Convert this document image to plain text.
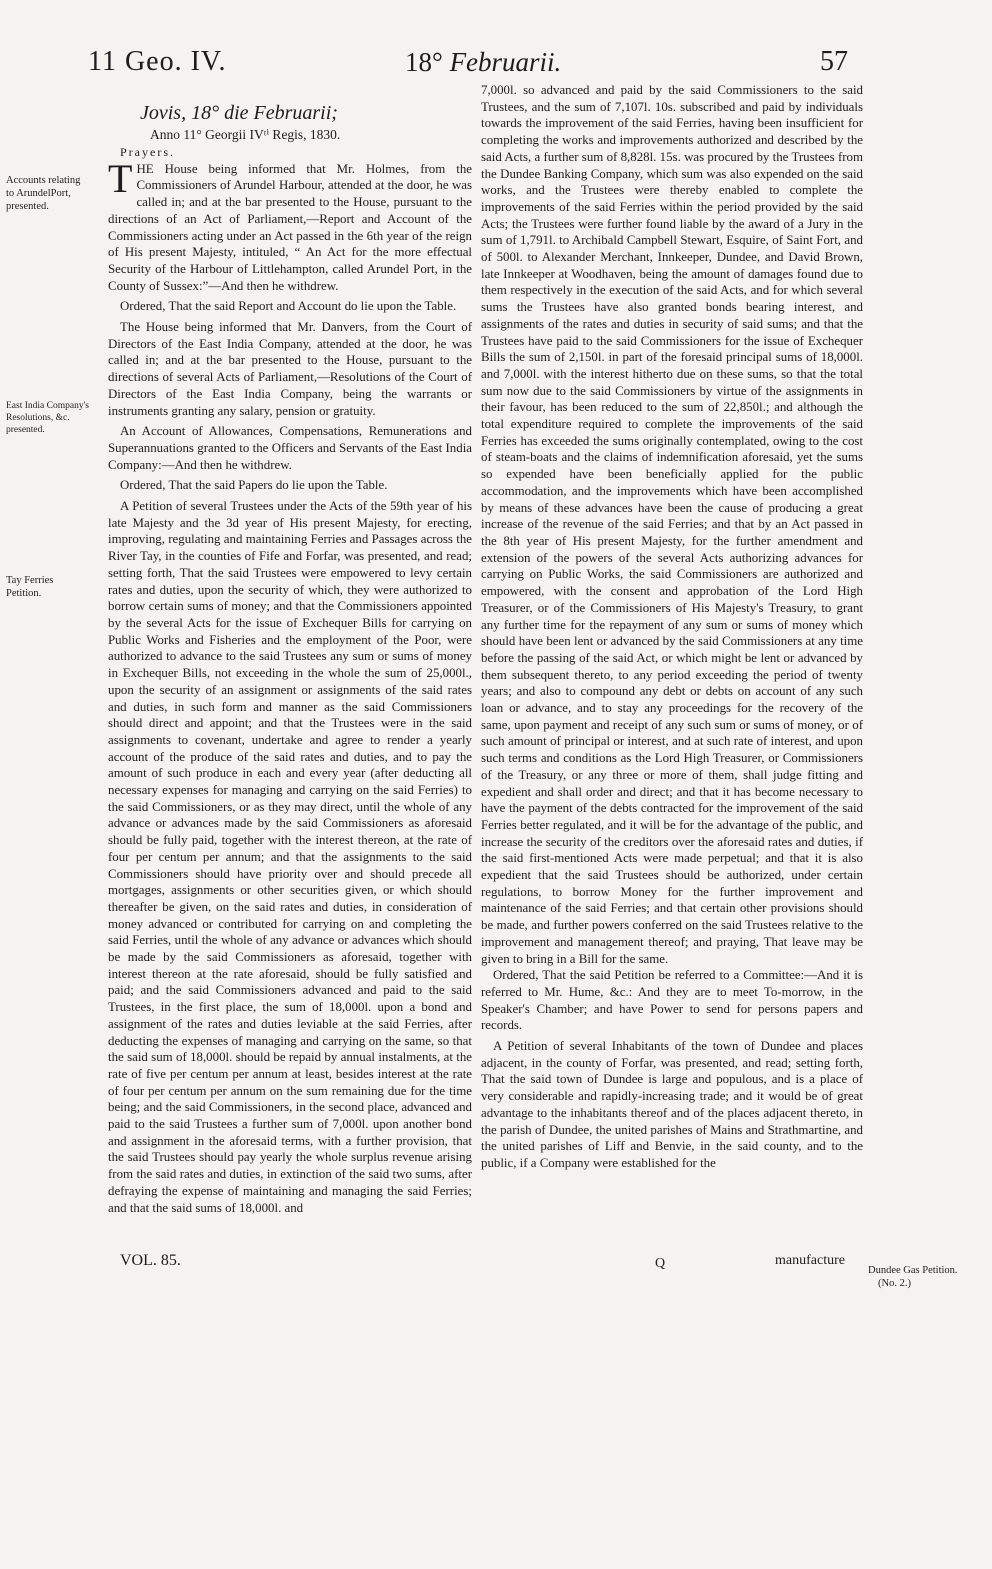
11 Geo. IV.	18° Februarii.	57
Accounts relating to ArundelPort, presented.
East India Company's Resolutions, &c. presented.
Tay Ferries Petition.
Dundee Gas Petition.
(No. 2.)
Jovis, 18° die Februarii;
Anno 11° Georgii IVᵗⁱ Regis, 1830.

Prayers.

THE House being informed that Mr. Holmes, from the Commissioners of Arundel Harbour, attended at the door, he was called in; and at the bar presented to the House, pursuant to the directions of an Act of Parliament,—Report and Account of the Commissioners acting under an Act passed in the 6th year of the reign of His present Majesty, intituled, “ An Act for the more effectual Security of the Harbour of Littlehampton, called Arundel Port, in the County of Sussex:”—And then he withdrew.

Ordered, That the said Report and Account do lie upon the Table.

The House being informed that Mr. Danvers, from the Court of Directors of the East India Company, attended at the door, he was called in; and at the bar presented to the House, pursuant to the directions of several Acts of Parliament,—Resolutions of the Court of Directors of the East India Company, being the warrants or instruments granting any salary, pension or gratuity.

An Account of Allowances, Compensations, Remunerations and Superannuations granted to the Officers and Servants of the East India Company:—And then he withdrew.

Ordered, That the said Papers do lie upon the Table.

A Petition of several Trustees under the Acts of the 59th year of his late Majesty and the 3d year of His present Majesty, for erecting, improving, regulating and maintaining Ferries and Passages across the River Tay, in the counties of Fife and Forfar, was presented, and read; setting forth, That the said Trustees were empowered to levy certain rates and duties, upon the security of which, they were authorized to borrow certain sums of money; and that the Commissioners appointed by the several Acts for the issue of Exchequer Bills for carrying on Public Works and Fisheries and the employment of the Poor, were authorized to advance to the said Trustees any sum or sums of money in Exchequer Bills, not exceeding in the whole the sum of 25,000l., upon the security of an assignment or assignments of the said rates and duties, in such form and manner as the said Commissioners should direct and appoint; and that the Trustees were in the said assignments to covenant, undertake and agree to render a yearly account of the produce of the said rates and duties, and to pay the amount of such produce in each and every year (after deducting all necessary expenses for managing and carrying on the said Ferries) to the said Commissioners, or as they may direct, until the whole of any advance or advances made by the said Commissioners as aforesaid should be fully paid, together with the interest thereon, at the rate of four per centum per annum; and that the assignments to the said Commissioners should have priority over and should precede all mortgages, assignments or other securities given, or which should thereafter be given, on the said rates and duties, in consideration of money advanced or contributed for carrying on and completing the said Ferries, until the whole of any advance or advances which should be made by the said Commissioners as aforesaid, together with interest thereon at the rate aforesaid, should be fully satisfied and paid; and the said Commissioners advanced and paid to the said Trustees, in the first place, the sum of 18,000l. upon a bond and assignment of the rates and duties leviable at the said Ferries, after deducting the expenses of managing and carrying on the same, so that the said sum of 18,000l. should be repaid by annual instalments, at the rate of five per centum per annum at least, besides interest at the rate of four per centum per annum on the sum remaining due for the time being; and the said Commissioners, in the second place, advanced and paid to the said Trustees a further sum of 7,000l. upon another bond and assignment in the aforesaid terms, with a further provision, that the said Trustees should pay yearly the whole surplus revenue arising from the said rates and duties, in extinction of the said two sums, after defraying the expense of maintaining and managing the said Ferries; and that the said sums of 18,000l. and

7,000l. so advanced and paid by the said Commissioners to the said Trustees, and the sum of 7,107l. 10s. subscribed and paid by individuals towards the improvement of the said Ferries, having been insufficient for completing the works and improvements authorized and described by the said Acts, a further sum of 8,828l. 15s. was procured by the Trustees from the Dundee Banking Company, which sum was also expended on the said works, and the Trustees were thereby enabled to complete the improvements of the said Ferries within the period provided by the said Acts; the Trustees were further found liable by the award of a Jury in the sum of 1,791l. to Archibald Campbell Stewart, Esquire, of Saint Fort, and of 500l. to Alexander Merchant, Innkeeper, Dundee, and David Brown, late Innkeeper at Woodhaven, being the amount of damages found due to them respectively in the execution of the said Acts, and for which several sums the Trustees have also granted bonds bearing interest, and assignments of the rates and duties in security of said sums; and that the Trustees have paid to the said Commissioners for the issue of Exchequer Bills the sum of 2,150l. in part of the foresaid principal sums of 18,000l. and 7,000l. with the interest hitherto due on these sums, so that the total sum now due to the said Commissioners by virtue of the assignments in their favour, has been reduced to the sum of 22,850l.; and although the total expenditure required to complete the improvements of the said Ferries has exceeded the sums originally contemplated, owing to the cost of steam-boats and the claims of indemnification aforesaid, yet the sums so expended have been beneficially applied for the public accommodation, and the improvements which have been accomplished by means of these advances have been the cause of producing a great increase of the revenue of the said Ferries; and that by an Act passed in the 8th year of His present Majesty, for the further amendment and extension of the powers of the several Acts authorizing advances for carrying on Public Works, the said Commissioners are authorized and empowered, with the consent and approbation of the Lord High Treasurer, or of the Commissioners of His Majesty's Treasury, to grant any further time for the repayment of any sum or sums of money which should have been lent or advanced by the said Commissioners at any time before the passing of the said Act, or which might be lent or advanced by them subsequent thereto, to any period exceeding the period of twenty years; and also to compound any debt or debts on account of any such loan or advance, and to stay any proceedings for the recovery of the same, upon payment and receipt of any such sum or sums of money, or of such amount of principal or interest, and at such rate of interest, and upon such terms and conditions as the Lord High Treasurer, or Commissioners of the Treasury, or any three or more of them, shall judge fitting and expedient and shall order and direct; and that it has become necessary to have the payment of the debts contracted for the improvement of the said Ferries better regulated, and it will be for the advantage of the public, and increase the security of the creditors over the aforesaid rates and duties, if the said first-mentioned Acts were made perpetual; and that it is also expedient that the said Trustees should be authorized, under certain regulations, to borrow Money for the further improvement and maintenance of the said Ferries; and that certain other provisions should be made, and further powers conferred on the said Trustees relative to the improvement and management thereof; and praying, That leave may be given to bring in a Bill for the same.

Ordered, That the said Petition be referred to a Committee:—And it is referred to Mr. Hume, &c.: And they are to meet To-morrow, in the Speaker's Chamber; and have Power to send for persons papers and records.

A Petition of several Inhabitants of the town of Dundee and places adjacent, in the county of Forfar, was presented, and read; setting forth, That the said town of Dundee is large and populous, and is a place of very considerable and rapidly-increasing trade; and it would be of great advantage to the inhabitants thereof and of the places adjacent thereto, in the parish of Dundee, the united parishes of Mains and Strathmartine, and the united parishes of Liff and Benvie, in the said county, and to the public, if a Company were established for the

VOL. 85.	Q	manufacture
